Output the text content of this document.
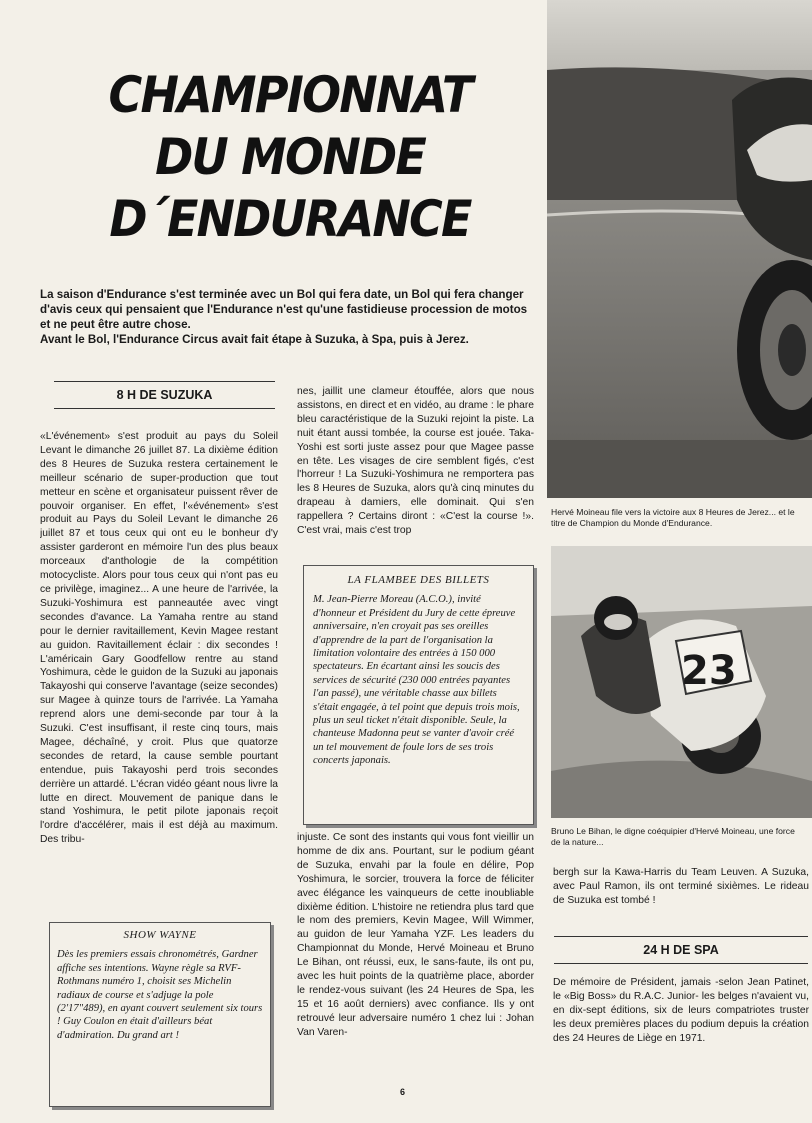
CHAMPIONNAT
DU MONDE
D´ENDURANCE

La saison d'Endurance s'est terminée avec un Bol qui fera date, un Bol qui fera changer d'avis ceux qui pensaient que l'Endurance n'est qu'une fastidieuse procession de motos et ne peut être autre chose.

Avant le Bol, l'Endurance Circus avait fait étape à Suzuka, à Spa, puis à Jerez.

8 H DE SUZUKA

«L'événement» s'est produit au pays du Soleil Levant le dimanche 26 juillet 87. La dixième édition des 8 Heures de Suzuka restera certainement le meilleur scénario de super-production que tout metteur en scène et organisateur puissent rêver de pouvoir organiser. En effet, l'«événement» s'est produit au Pays du Soleil Levant le dimanche 26 juillet 87 et tous ceux qui ont eu le bonheur d'y assister garderont en mémoire l'un des plus beaux morceaux d'anthologie de la compétition motocycliste. Alors pour tous ceux qui n'ont pas eu ce privilège, imaginez... A une heure de l'arrivée, la Suzuki-Yoshimura est panneautée avec vingt secondes d'avance. La Yamaha rentre au stand pour le dernier ravitaillement, Kevin Magee restant au guidon. Ravitaillement éclair : dix secondes ! L'américain Gary Goodfellow rentre au stand Yoshimura, cède le guidon de la Suzuki au japonais Takayoshi qui conserve l'avantage (seize secondes) sur Magee à quinze tours de l'arrivée. La Yamaha reprend alors une demi-seconde par tour à la Suzuki. C'est insuffisant, il reste cinq tours, mais Magee, déchaîné, y croit. Plus que quatorze secondes de retard, la cause semble pourtant entendue, puis Takayoshi perd trois secondes derrière un attardé. L'écran vidéo géant nous livre la lutte en direct. Mouvement de panique dans le stand Yoshimura, le petit pilote japonais reçoit l'ordre d'accélérer, mais il est déjà au maximum. Des tribu-

SHOW WAYNE
Dès les premiers essais chronométrés, Gardner affiche ses intentions. Wayne règle sa RVF-Rothmans numéro 1, choisit ses Michelin radiaux de course et s'adjuge la pole (2'17"489), en ayant couvert seulement six tours ! Guy Coulon en était d'ailleurs béat d'admiration. Du grand art !

nes, jaillit une clameur étouffée, alors que nous assistons, en direct et en vidéo, au drame : le phare bleu caractéristique de la Suzuki rejoint la piste. La nuit étant aussi tombée, la course est jouée. Taka-Yoshi est sorti juste assez pour que Magee passe en tête. Les visages de cire semblent figés, c'est l'horreur ! La Suzuki-Yoshimura ne remportera pas les 8 Heures de Suzuka, alors qu'à cinq minutes du drapeau à damiers, elle dominait. Qui s'en rappellera ? Certains diront : «C'est la course !». C'est vrai, mais c'est trop

LA FLAMBEE DES BILLETS
M. Jean-Pierre Moreau (A.C.O.), invité d'honneur et Président du Jury de cette épreuve anniversaire, n'en croyait pas ses oreilles d'apprendre de la part de l'organisation la limitation volontaire des entrées à 150 000 spectateurs. En écartant ainsi les soucis des services de sécurité (230 000 entrées payantes l'an passé), une véritable chasse aux billets s'était engagée, à tel point que depuis trois mois, plus un seul ticket n'était disponible. Seule, la chanteuse Madonna peut se vanter d'avoir créé un tel mouvement de foule lors de ses trois concerts japonais.

injuste. Ce sont des instants qui vous font vieillir un homme de dix ans. Pourtant, sur le podium géant de Suzuka, envahi par la foule en délire, Pop Yoshimura, le sorcier, trouvera la force de féliciter avec élégance les vainqueurs de cette inoubliable dixième édition. L'histoire ne retiendra plus tard que le nom des premiers, Kevin Magee, Will Wimmer, au guidon de leur Yamaha YZF. Les leaders du Championnat du Monde, Hervé Moineau et Bruno Le Bihan, ont réussi, eux, le sans-faute, ils ont pu, avec les huit points de la quatrième place, aborder le rendez-vous suivant (les 24 Heures de Spa, les 15 et 16 août derniers) avec confiance. Ils y ont retrouvé leur adversaire numéro 1 chez lui : Johan Van Varen-

Hervé Moineau file vers la victoire aux 8 Heures de Jerez... et le titre de Champion du Monde d'Endurance.
23
Bruno Le Bihan, le digne coéquipier d'Hervé Moineau, une force de la nature...

bergh sur la Kawa-Harris du Team Leuven. A Suzuka, avec Paul Ramon, ils ont terminé sixièmes. Le rideau de Suzuka est tombé !

24 H DE SPA

De mémoire de Président, jamais -selon Jean Patinet, le «Big Boss» du R.A.C. Junior- les belges n'avaient vu, en dix-sept éditions, six de leurs compatriotes truster les deux premières places du podium depuis la création des 24 Heures de Liège en 1971.

6
